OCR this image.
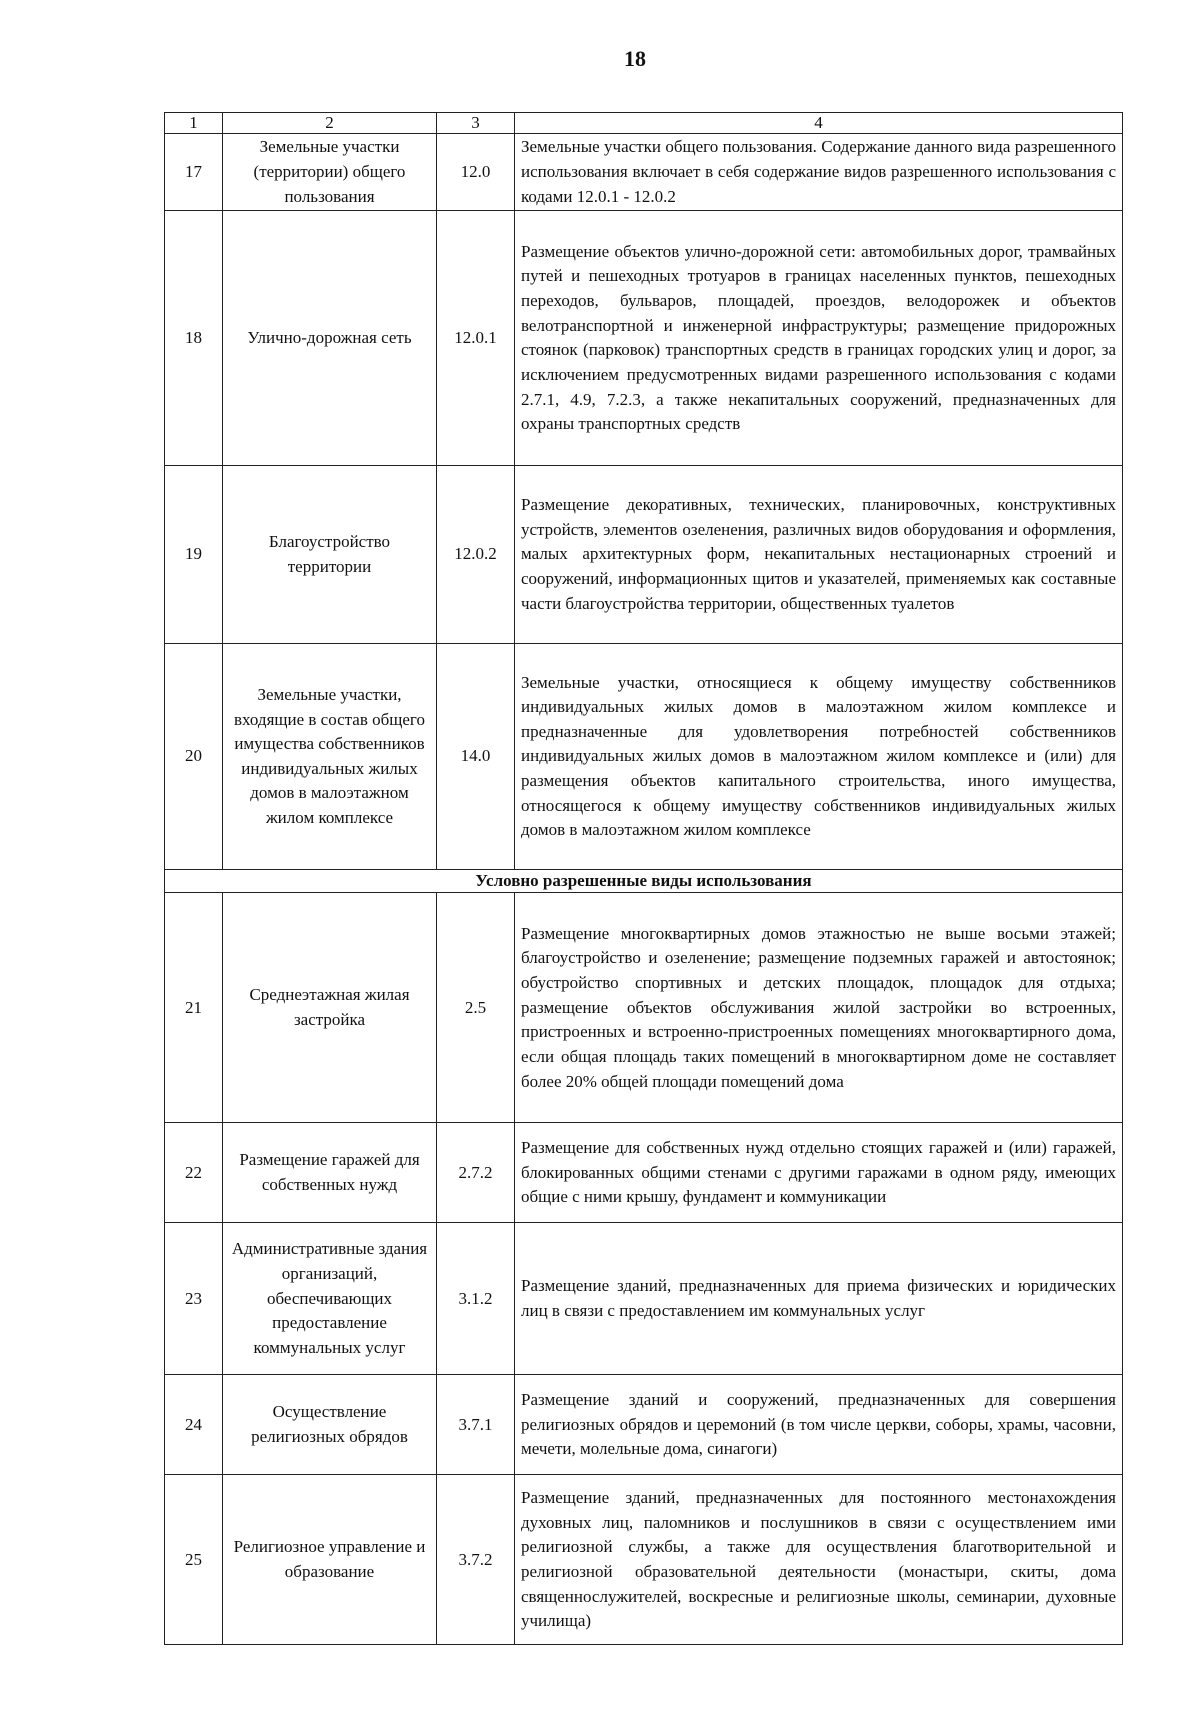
18
1	2	3	4
17	Земельные участки (территории) общего пользования	12.0	Земельные участки общего пользования. Содержание данного вида разрешенного использования включает в себя содержание видов разрешенного использования с кодами 12.0.1 - 12.0.2
18	Улично-дорожная сеть	12.0.1	Размещение объектов улично-дорожной сети: автомобильных дорог, трамвайных путей и пешеходных тротуаров в границах населенных пунктов, пешеходных переходов, бульваров, площадей, проездов, велодорожек и объектов велотранспортной и инженерной инфраструктуры; размещение придорожных стоянок (парковок) транспортных средств в границах городских улиц и дорог, за исключением предусмотренных видами разрешенного использования с кодами 2.7.1, 4.9, 7.2.3, а также некапитальных сооружений, предназначенных для охраны транспортных средств
19	Благоустройство территории	12.0.2	Размещение декоративных, технических, планировочных, конструктивных устройств, элементов озеленения, различных видов оборудования и оформления, малых архитектурных форм, некапитальных нестационарных строений и сооружений, информационных щитов и указателей, применяемых как составные части благоустройства территории, общественных туалетов
20	Земельные участки, входящие в состав общего имущества собственников индивидуальных жилых домов в малоэтажном жилом комплексе	14.0	Земельные участки, относящиеся к общему имуществу собственников индивидуальных жилых домов в малоэтажном жилом комплексе и предназначенные для удовлетворения потребностей собственников индивидуальных жилых домов в малоэтажном жилом комплексе и (или) для размещения объектов капитального строительства, иного имущества, относящегося к общему имуществу собственников индивидуальных жилых домов в малоэтажном жилом комплексе
Условно разрешенные виды использования			
21	Среднеэтажная жилая застройка	2.5	Размещение многоквартирных домов этажностью не выше восьми этажей; благоустройство и озеленение; размещение подземных гаражей и автостоянок; обустройство спортивных и детских площадок, площадок для отдыха; размещение объектов обслуживания жилой застройки во встроенных, пристроенных и встроенно-пристроенных помещениях многоквартирного дома, если общая площадь таких помещений в многоквартирном доме не составляет более 20% общей площади помещений дома
22	Размещение гаражей для собственных нужд	2.7.2	Размещение для собственных нужд отдельно стоящих гаражей и (или) гаражей, блокированных общими стенами с другими гаражами в одном ряду, имеющих общие с ними крышу, фундамент и коммуникации
23	Административные здания организаций, обеспечивающих предоставление коммунальных услуг	3.1.2	Размещение зданий, предназначенных для приема физических и юридических лиц в связи с предоставлением им коммунальных услуг
24	Осуществление религиозных обрядов	3.7.1	Размещение зданий и сооружений, предназначенных для совершения религиозных обрядов и церемоний (в том числе церкви, соборы, храмы, часовни, мечети, молельные дома, синагоги)
25	Религиозное управление и образование	3.7.2	Размещение зданий, предназначенных для постоянного местонахождения духовных лиц, паломников и послушников в связи с осуществлением ими религиозной службы, а также для осуществления благотворительной и религиозной образовательной деятельности (монастыри, скиты, дома священнослужителей, воскресные и религиозные школы, семинарии, духовные училища)
